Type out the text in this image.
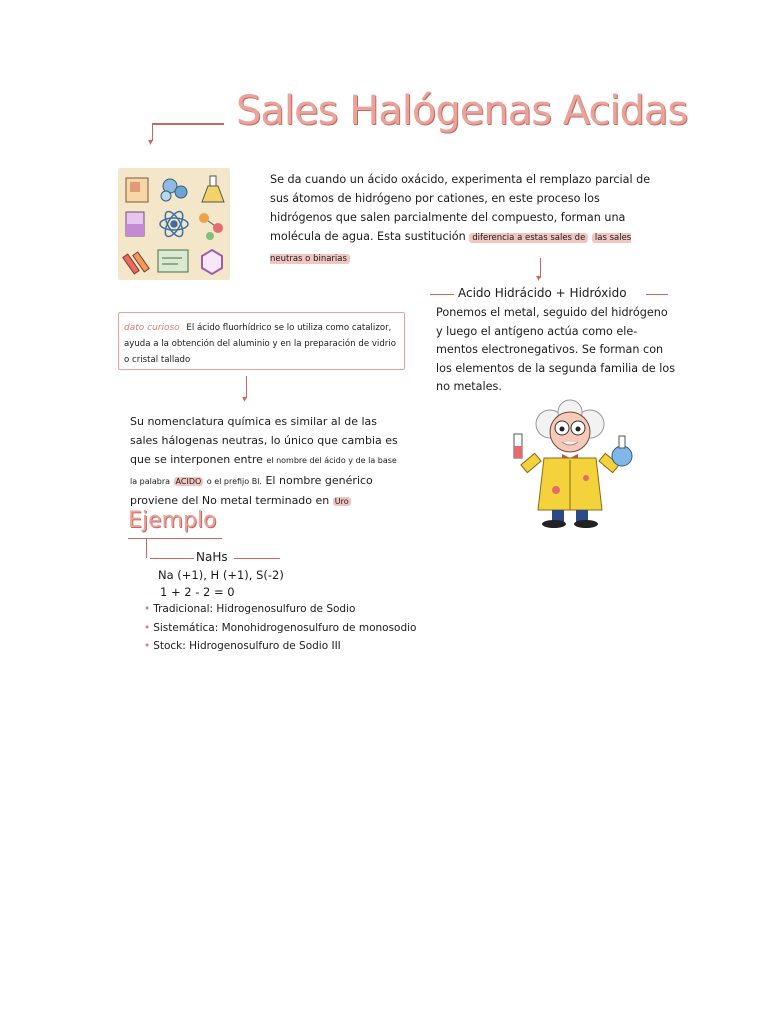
▾
Sales Halógenas Acidas
Se da cuando un ácido oxácido, experimenta el remplazo parcial de sus átomos de hidrógeno por cationes, en este proceso los hidrógenos que salen parcialmente del compuesto, forman una molécula de agua. Esta sustitución diferencia a estas sales de las sales neutras o binarias
▾
Acido Hidrácido + Hidróxido
Ponemos el metal, seguido del hidrógeno y luego el antígeno actúa como ele- mentos electronegativos. Se forman con los elementos de la segunda familia de los no metales.
dato curioso El ácido fluorhídrico se lo utiliza como catalizor, ayuda a la obtención del aluminio y en la preparación de vidrio o cristal tallado
▾
Su nomenclatura química es similar al de las
sales hálogenas neutras, lo único que cambia es
que se interponen entre el nombre del ácido y de la base
la palabra ACIDO o el prefijo Bl. El nombre genérico
proviene del No metal terminado en Uro
Ejemplo
NaHs
Na (+1), H (+1), S(-2)
1 + 2 - 2 = 0
• Tradicional: Hidrogenosulfuro de Sodio
• Sistemática: Monohidrogenosulfuro de monosodio
• Stock: Hidrogenosulfuro de Sodio III
